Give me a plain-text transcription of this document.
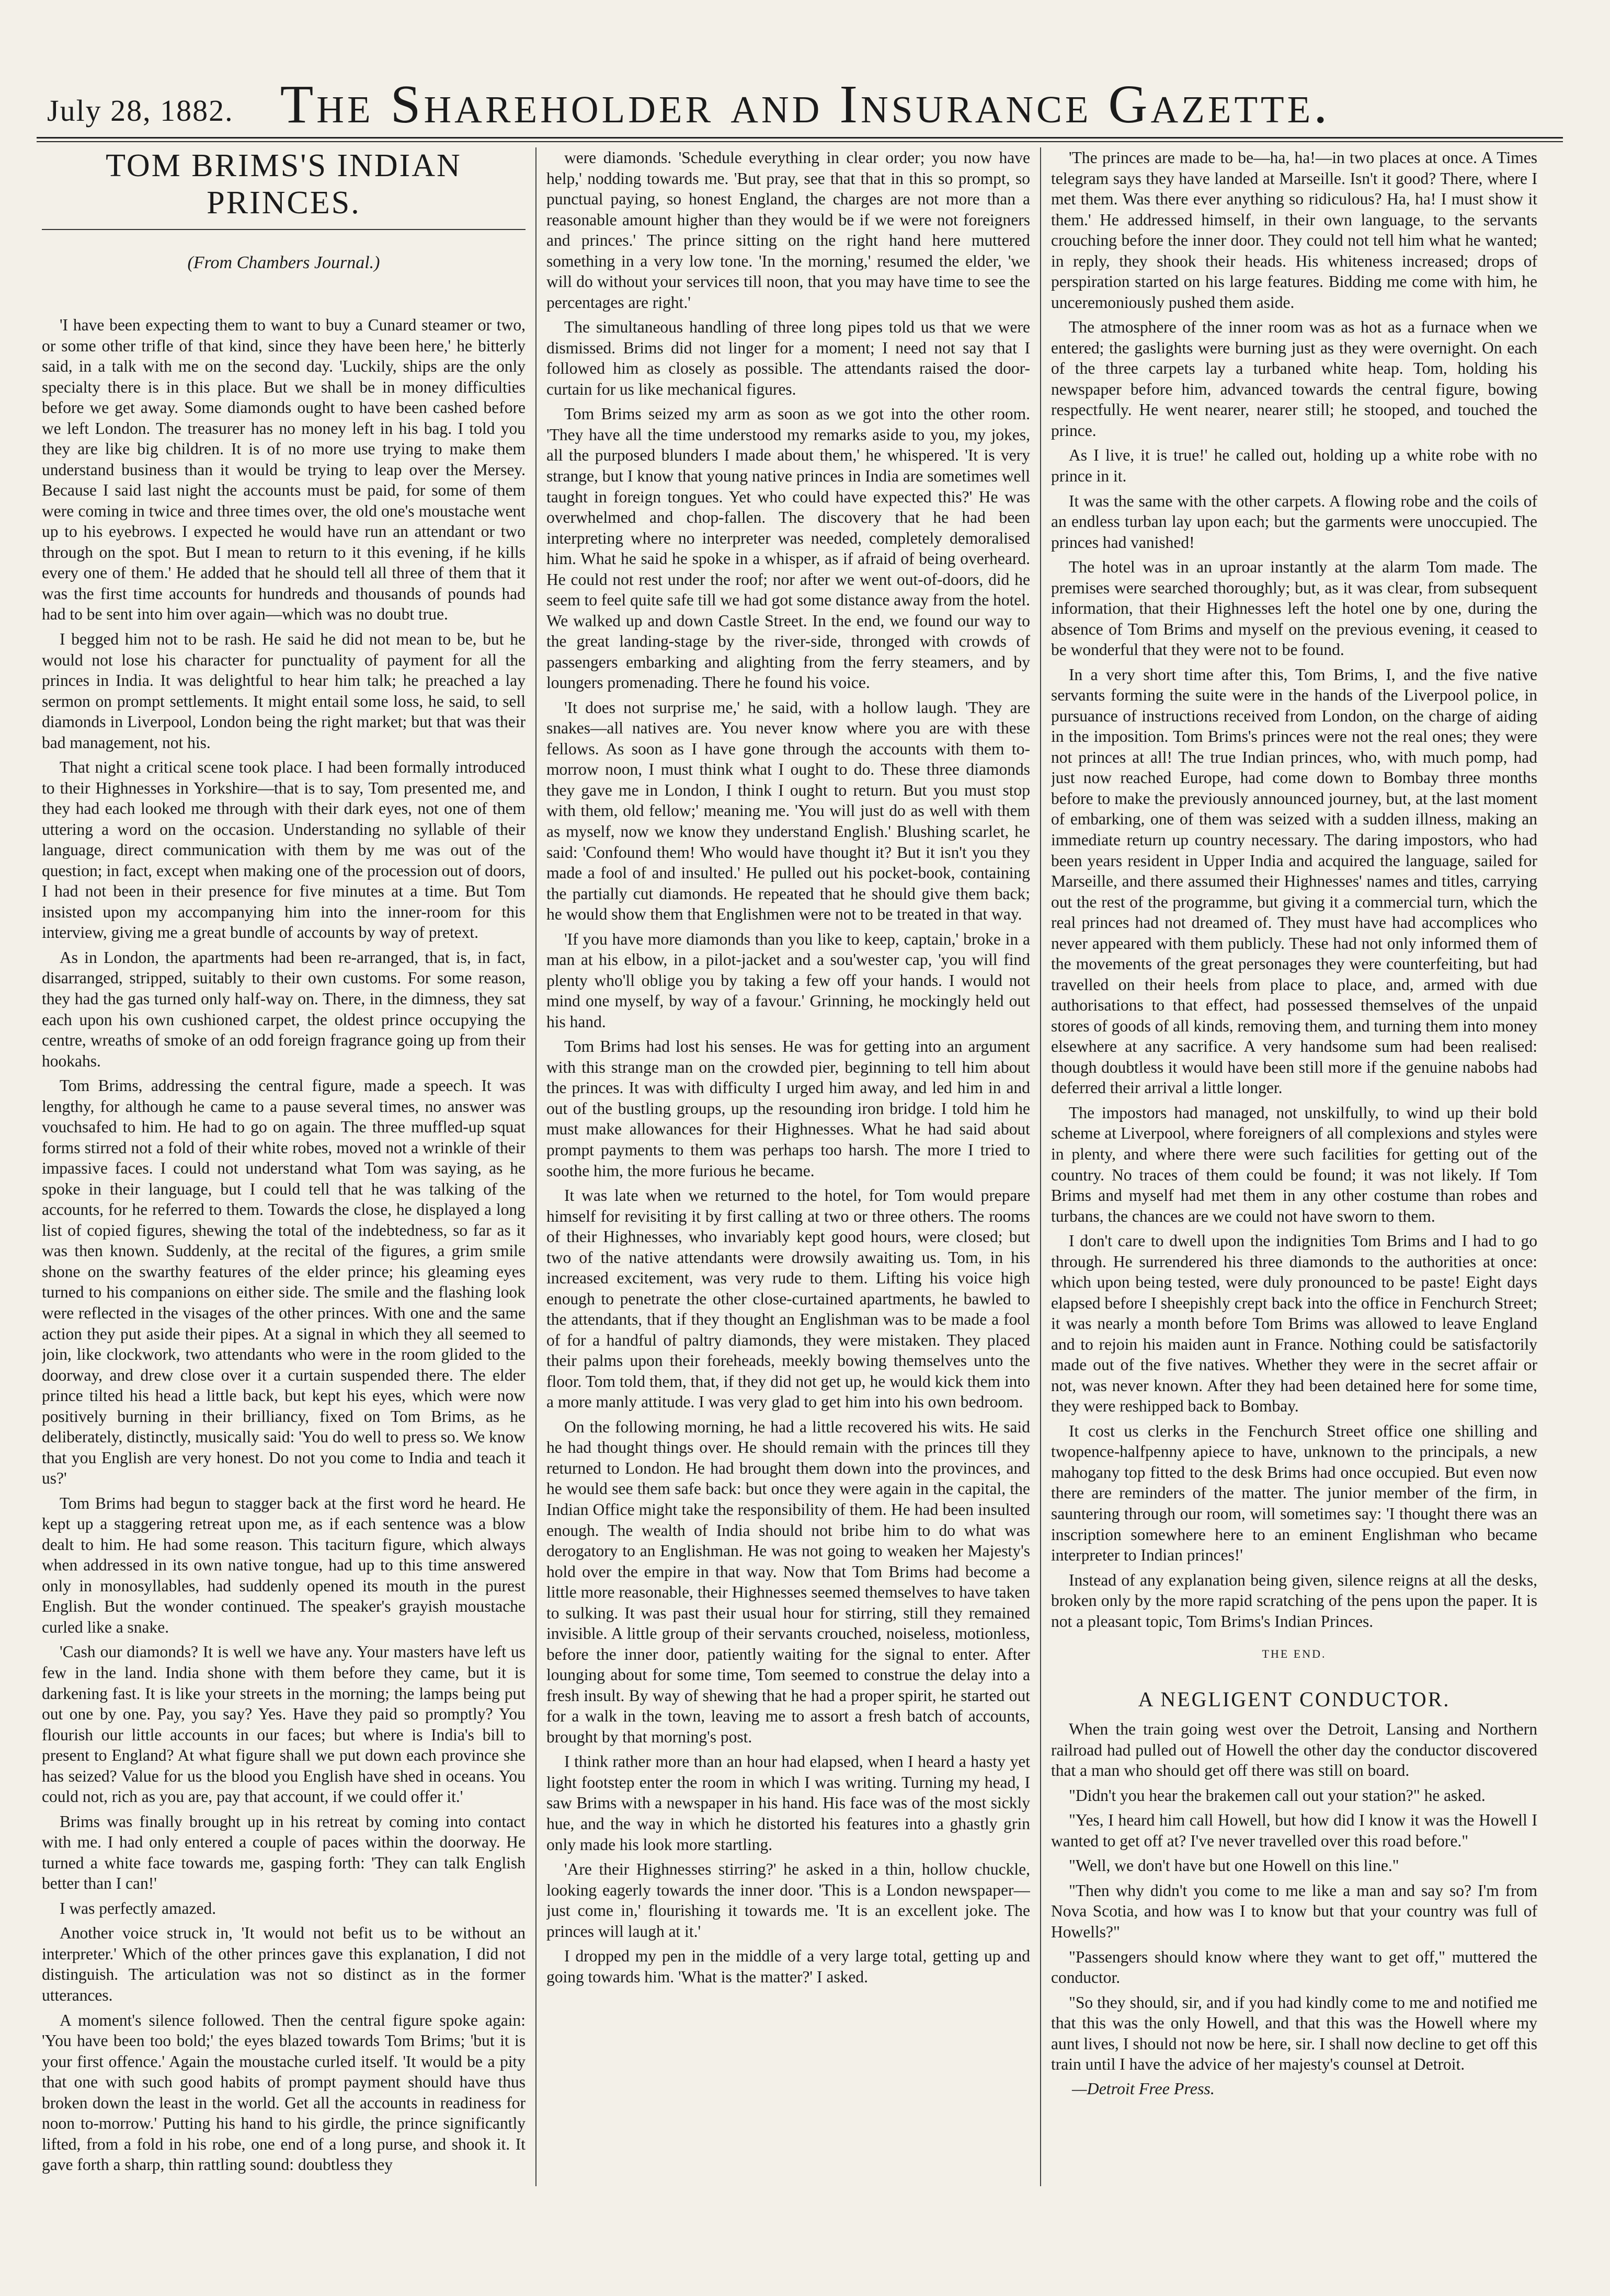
July 28, 1882. The Shareholder and Insurance Gazette.
TOM BRIMS'S INDIAN PRINCES.
(From Chambers Journal.)

'I have been expecting them to want to buy a Cunard steamer or two, or some other trifle of that kind, since they have been here,' he bitterly said, in a talk with me on the second day. 'Luckily, ships are the only specialty there is in this place. But we shall be in money difficulties before we get away. Some diamonds ought to have been cashed before we left London. The treasurer has no money left in his bag. I told you they are like big children. It is of no more use trying to make them understand business than it would be trying to leap over the Mersey. Because I said last night the accounts must be paid, for some of them were coming in twice and three times over, the old one's moustache went up to his eyebrows. I expected he would have run an attendant or two through on the spot. But I mean to return to it this evening, if he kills every one of them.' He added that he should tell all three of them that it was the first time accounts for hundreds and thousands of pounds had had to be sent into him over again—which was no doubt true.

I begged him not to be rash. He said he did not mean to be, but he would not lose his character for punctuality of payment for all the princes in India. It was delightful to hear him talk; he preached a lay sermon on prompt settlements. It might entail some loss, he said, to sell diamonds in Liverpool, London being the right market; but that was their bad management, not his.

That night a critical scene took place. I had been formally introduced to their Highnesses in Yorkshire—that is to say, Tom presented me, and they had each looked me through with their dark eyes, not one of them uttering a word on the occasion. Understanding no syllable of their language, direct communication with them by me was out of the question; in fact, except when making one of the procession out of doors, I had not been in their presence for five minutes at a time. But Tom insisted upon my accompanying him into the inner-room for this interview, giving me a great bundle of accounts by way of pretext.

As in London, the apartments had been re-arranged, that is, in fact, disarranged, stripped, suitably to their own customs. For some reason, they had the gas turned only half-way on. There, in the dimness, they sat each upon his own cushioned carpet, the oldest prince occupying the centre, wreaths of smoke of an odd foreign fragrance going up from their hookahs.

Tom Brims, addressing the central figure, made a speech. It was lengthy, for although he came to a pause several times, no answer was vouchsafed to him. He had to go on again. The three muffled-up squat forms stirred not a fold of their white robes, moved not a wrinkle of their impassive faces. I could not understand what Tom was saying, as he spoke in their language, but I could tell that he was talking of the accounts, for he referred to them. Towards the close, he displayed a long list of copied figures, shewing the total of the indebtedness, so far as it was then known. Suddenly, at the recital of the figures, a grim smile shone on the swarthy features of the elder prince; his gleaming eyes turned to his companions on either side. The smile and the flashing look were reflected in the visages of the other princes. With one and the same action they put aside their pipes. At a signal in which they all seemed to join, like clockwork, two attendants who were in the room glided to the doorway, and drew close over it a curtain suspended there. The elder prince tilted his head a little back, but kept his eyes, which were now positively burning in their brilliancy, fixed on Tom Brims, as he deliberately, distinctly, musically said: 'You do well to press so. We know that you English are very honest. Do not you come to India and teach it us?'

Tom Brims had begun to stagger back at the first word he heard. He kept up a staggering retreat upon me, as if each sentence was a blow dealt to him. He had some reason. This taciturn figure, which always when addressed in its own native tongue, had up to this time answered only in monosyllables, had suddenly opened its mouth in the purest English. But the wonder continued. The speaker's grayish moustache curled like a snake.

'Cash our diamonds? It is well we have any. Your masters have left us few in the land. India shone with them before they came, but it is darkening fast. It is like your streets in the morning; the lamps being put out one by one. Pay, you say? Yes. Have they paid so promptly? You flourish our little accounts in our faces; but where is India's bill to present to England? At what figure shall we put down each province she has seized? Value for us the blood you English have shed in oceans. You could not, rich as you are, pay that account, if we could offer it.'

Brims was finally brought up in his retreat by coming into contact with me. I had only entered a couple of paces within the doorway. He turned a white face towards me, gasping forth: 'They can talk English better than I can!'

I was perfectly amazed.

Another voice struck in, 'It would not befit us to be without an interpreter.' Which of the other princes gave this explanation, I did not distinguish. The articulation was not so distinct as in the former utterances.

A moment's silence followed. Then the central figure spoke again: 'You have been too bold;' the eyes blazed towards Tom Brims; 'but it is your first offence.' Again the moustache curled itself. 'It would be a pity that one with such good habits of prompt payment should have thus broken down the least in the world. Get all the accounts in readiness for noon to-morrow.' Putting his hand to his girdle, the prince significantly lifted, from a fold in his robe, one end of a long purse, and shook it. It gave forth a sharp, thin rattling sound: doubtless they

were diamonds. 'Schedule everything in clear order; you now have help,' nodding towards me. 'But pray, see that that in this so prompt, so punctual paying, so honest England, the charges are not more than a reasonable amount higher than they would be if we were not foreigners and princes.' The prince sitting on the right hand here muttered something in a very low tone. 'In the morning,' resumed the elder, 'we will do without your services till noon, that you may have time to see the percentages are right.'

The simultaneous handling of three long pipes told us that we were dismissed. Brims did not linger for a moment; I need not say that I followed him as closely as possible. The attendants raised the door-curtain for us like mechanical figures.

Tom Brims seized my arm as soon as we got into the other room. 'They have all the time understood my remarks aside to you, my jokes, all the purposed blunders I made about them,' he whispered. 'It is very strange, but I know that young native princes in India are sometimes well taught in foreign tongues. Yet who could have expected this?' He was overwhelmed and chop-fallen. The discovery that he had been interpreting where no interpreter was needed, completely demoralised him. What he said he spoke in a whisper, as if afraid of being overheard. He could not rest under the roof; nor after we went out-of-doors, did he seem to feel quite safe till we had got some distance away from the hotel. We walked up and down Castle Street. In the end, we found our way to the great landing-stage by the river-side, thronged with crowds of passengers embarking and alighting from the ferry steamers, and by loungers promenading. There he found his voice.

'It does not surprise me,' he said, with a hollow laugh. 'They are snakes—all natives are. You never know where you are with these fellows. As soon as I have gone through the accounts with them to-morrow noon, I must think what I ought to do. These three diamonds they gave me in London, I think I ought to return. But you must stop with them, old fellow;' meaning me. 'You will just do as well with them as myself, now we know they understand English.' Blushing scarlet, he said: 'Confound them! Who would have thought it? But it isn't you they made a fool of and insulted.' He pulled out his pocket-book, containing the partially cut diamonds. He repeated that he should give them back; he would show them that Englishmen were not to be treated in that way.

'If you have more diamonds than you like to keep, captain,' broke in a man at his elbow, in a pilot-jacket and a sou'wester cap, 'you will find plenty who'll oblige you by taking a few off your hands. I would not mind one myself, by way of a favour.' Grinning, he mockingly held out his hand.

Tom Brims had lost his senses. He was for getting into an argument with this strange man on the crowded pier, beginning to tell him about the princes. It was with difficulty I urged him away, and led him in and out of the bustling groups, up the resounding iron bridge. I told him he must make allowances for their Highnesses. What he had said about prompt payments to them was perhaps too harsh. The more I tried to soothe him, the more furious he became.

It was late when we returned to the hotel, for Tom would prepare himself for revisiting it by first calling at two or three others. The rooms of their Highnesses, who invariably kept good hours, were closed; but two of the native attendants were drowsily awaiting us. Tom, in his increased excitement, was very rude to them. Lifting his voice high enough to penetrate the other close-curtained apartments, he bawled to the attendants, that if they thought an Englishman was to be made a fool of for a handful of paltry diamonds, they were mistaken. They placed their palms upon their foreheads, meekly bowing themselves unto the floor. Tom told them, that, if they did not get up, he would kick them into a more manly attitude. I was very glad to get him into his own bedroom.

On the following morning, he had a little recovered his wits. He said he had thought things over. He should remain with the princes till they returned to London. He had brought them down into the provinces, and he would see them safe back: but once they were again in the capital, the Indian Office might take the responsibility of them. He had been insulted enough. The wealth of India should not bribe him to do what was derogatory to an Englishman. He was not going to weaken her Majesty's hold over the empire in that way. Now that Tom Brims had become a little more reasonable, their Highnesses seemed themselves to have taken to sulking. It was past their usual hour for stirring, still they remained invisible. A little group of their servants crouched, noiseless, motionless, before the inner door, patiently waiting for the signal to enter. After lounging about for some time, Tom seemed to construe the delay into a fresh insult. By way of shewing that he had a proper spirit, he started out for a walk in the town, leaving me to assort a fresh batch of accounts, brought by that morning's post.

I think rather more than an hour had elapsed, when I heard a hasty yet light footstep enter the room in which I was writing. Turning my head, I saw Brims with a newspaper in his hand. His face was of the most sickly hue, and the way in which he distorted his features into a ghastly grin only made his look more startling.

'Are their Highnesses stirring?' he asked in a thin, hollow chuckle, looking eagerly towards the inner door. 'This is a London newspaper—just come in,' flourishing it towards me. 'It is an excellent joke. The princes will laugh at it.'

I dropped my pen in the middle of a very large total, getting up and going towards him. 'What is the matter?' I asked.

'The princes are made to be—ha, ha!—in two places at once. A Times telegram says they have landed at Marseille. Isn't it good? There, where I met them. Was there ever anything so ridiculous? Ha, ha! I must show it them.' He addressed himself, in their own language, to the servants crouching before the inner door. They could not tell him what he wanted; in reply, they shook their heads. His whiteness increased; drops of perspiration started on his large features. Bidding me come with him, he unceremoniously pushed them aside.

The atmosphere of the inner room was as hot as a furnace when we entered; the gaslights were burning just as they were overnight. On each of the three carpets lay a turbaned white heap. Tom, holding his newspaper before him, advanced towards the central figure, bowing respectfully. He went nearer, nearer still; he stooped, and touched the prince.

As I live, it is true!' he called out, holding up a white robe with no prince in it.

It was the same with the other carpets. A flowing robe and the coils of an endless turban lay upon each; but the garments were unoccupied. The princes had vanished!

The hotel was in an uproar instantly at the alarm Tom made. The premises were searched thoroughly; but, as it was clear, from subsequent information, that their Highnesses left the hotel one by one, during the absence of Tom Brims and myself on the previous evening, it ceased to be wonderful that they were not to be found.

In a very short time after this, Tom Brims, I, and the five native servants forming the suite were in the hands of the Liverpool police, in pursuance of instructions received from London, on the charge of aiding in the imposition. Tom Brims's princes were not the real ones; they were not princes at all! The true Indian princes, who, with much pomp, had just now reached Europe, had come down to Bombay three months before to make the previously announced journey, but, at the last moment of embarking, one of them was seized with a sudden illness, making an immediate return up country necessary. The daring impostors, who had been years resident in Upper India and acquired the language, sailed for Marseille, and there assumed their Highnesses' names and titles, carrying out the rest of the programme, but giving it a commercial turn, which the real princes had not dreamed of. They must have had accomplices who never appeared with them publicly. These had not only informed them of the movements of the great personages they were counterfeiting, but had travelled on their heels from place to place, and, armed with due authorisations to that effect, had possessed themselves of the unpaid stores of goods of all kinds, removing them, and turning them into money elsewhere at any sacrifice. A very handsome sum had been realised: though doubtless it would have been still more if the genuine nabobs had deferred their arrival a little longer.

The impostors had managed, not unskilfully, to wind up their bold scheme at Liverpool, where foreigners of all complexions and styles were in plenty, and where there were such facilities for getting out of the country. No traces of them could be found; it was not likely. If Tom Brims and myself had met them in any other costume than robes and turbans, the chances are we could not have sworn to them.

I don't care to dwell upon the indignities Tom Brims and I had to go through. He surrendered his three diamonds to the authorities at once: which upon being tested, were duly pronounced to be paste! Eight days elapsed before I sheepishly crept back into the office in Fenchurch Street; it was nearly a month before Tom Brims was allowed to leave England and to rejoin his maiden aunt in France. Nothing could be satisfactorily made out of the five natives. Whether they were in the secret affair or not, was never known. After they had been detained here for some time, they were reshipped back to Bombay.

It cost us clerks in the Fenchurch Street office one shilling and twopence-halfpenny apiece to have, unknown to the principals, a new mahogany top fitted to the desk Brims had once occupied. But even now there are reminders of the matter. The junior member of the firm, in sauntering through our room, will sometimes say: 'I thought there was an inscription somewhere here to an eminent Englishman who became interpreter to Indian princes!'

Instead of any explanation being given, silence reigns at all the desks, broken only by the more rapid scratching of the pens upon the paper. It is not a pleasant topic, Tom Brims's Indian Princes.

THE END.
A NEGLIGENT CONDUCTOR.

When the train going west over the Detroit, Lansing and Northern railroad had pulled out of Howell the other day the conductor discovered that a man who should get off there was still on board.

"Didn't you hear the brakemen call out your station?" he asked.

"Yes, I heard him call Howell, but how did I know it was the Howell I wanted to get off at? I've never travelled over this road before."

"Well, we don't have but one Howell on this line."

"Then why didn't you come to me like a man and say so? I'm from Nova Scotia, and how was I to know but that your country was full of Howells?"

"Passengers should know where they want to get off," muttered the conductor.

"So they should, sir, and if you had kindly come to me and notified me that this was the only Howell, and that this was the Howell where my aunt lives, I should not now be here, sir. I shall now decline to get off this train until I have the advice of her majesty's counsel at Detroit.

—Detroit Free Press.
